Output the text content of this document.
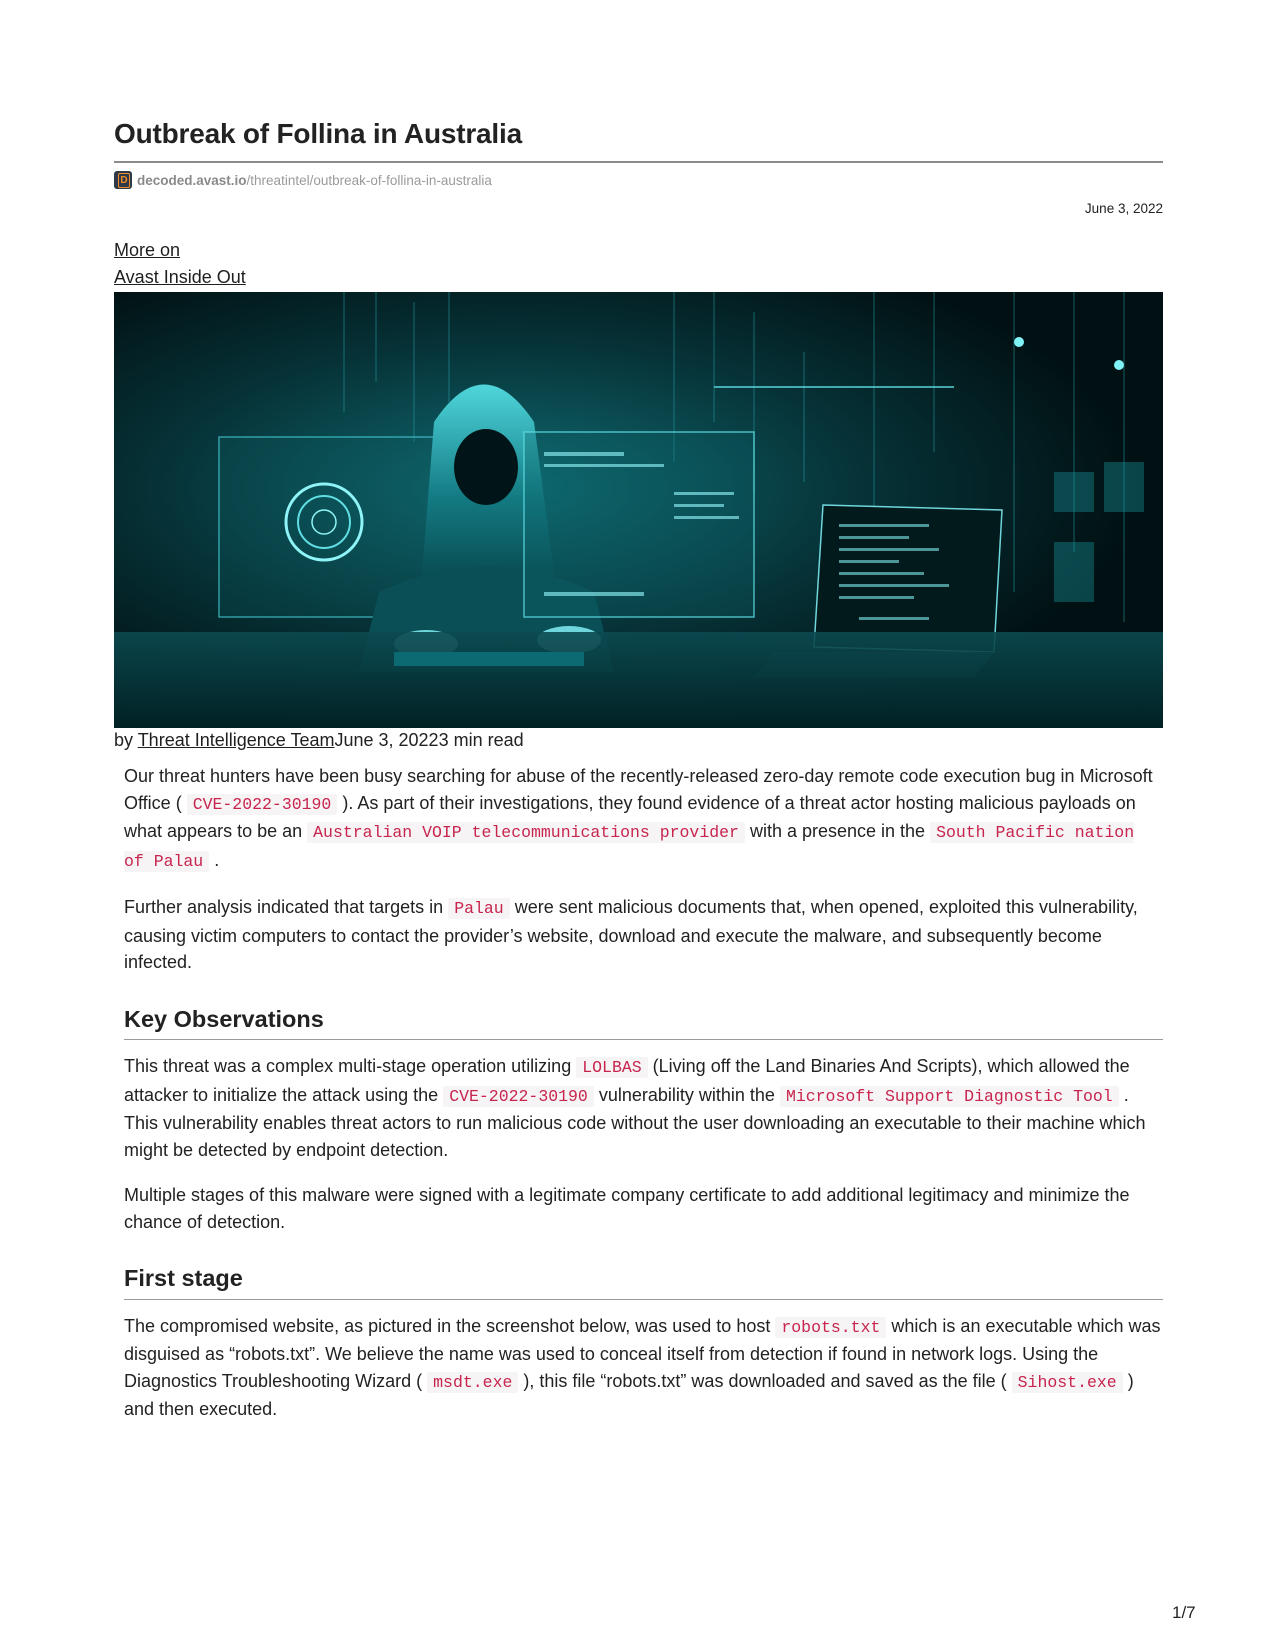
Outbreak of Follina in Australia
D
decoded.avast.io /threatintel/outbreak-of-follina-in-australia
June 3, 2022
More on
Avast Inside Out
by Threat Intelligence TeamJune 3, 20223 min read

Our threat hunters have been busy searching for abuse of the recently-released zero-day remote code execution bug in Microsoft Office ( CVE-2022-30190 ). As part of their investigations, they found evidence of a threat actor hosting malicious payloads on what appears to be an Australian VOIP telecommunications provider with a presence in the South Pacific nation of Palau .

Further analysis indicated that targets in Palau were sent malicious documents that, when opened, exploited this vulnerability, causing victim computers to contact the provider’s website, download and execute the malware, and subsequently become infected.

Key Observations

This threat was a complex multi-stage operation utilizing LOLBAS (Living off the Land Binaries And Scripts), which allowed the attacker to initialize the attack using the CVE-2022-30190 vulnerability within the Microsoft Support Diagnostic Tool . This vulnerability enables threat actors to run malicious code without the user downloading an executable to their machine which might be detected by endpoint detection.

Multiple stages of this malware were signed with a legitimate company certificate to add additional legitimacy and minimize the chance of detection.

First stage

The compromised website, as pictured in the screenshot below, was used to host robots.txt which is an executable which was disguised as “robots.txt”. We believe the name was used to conceal itself from detection if found in network logs. Using the Diagnostics Troubleshooting Wizard ( msdt.exe ), this file “robots.txt” was downloaded and saved as the file ( Sihost.exe ) and then executed.

1/7
